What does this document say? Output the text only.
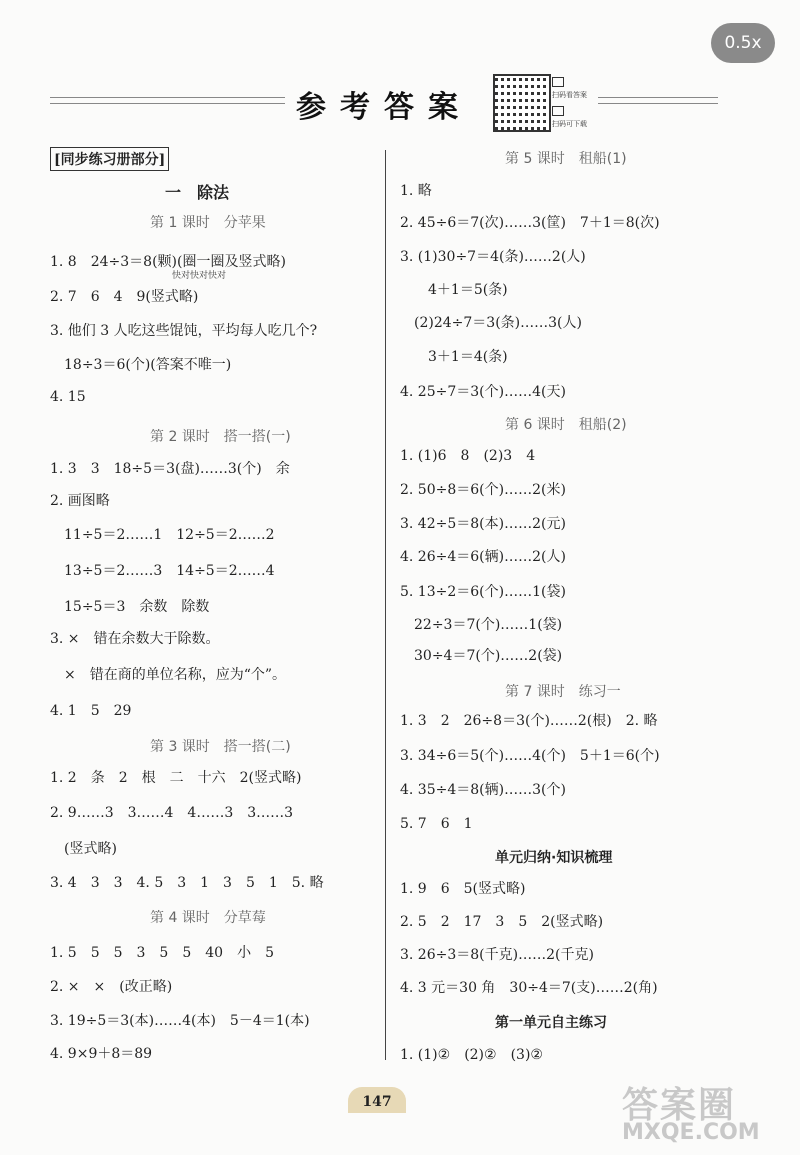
0.5x
参考答案	扫码看答案
扫码可下载
[同步练习册部分]
一　除法
第 1 课时　分苹果
1. 8　24÷3＝8(颗)(圈一圈及竖式略)
2. 7　6　4　9(竖式略)
3. 他们 3 人吃这些馄饨，平均每人吃几个?
　18÷3＝6(个)(答案不唯一)
4. 15
第 2 课时　搭一搭(一)
1. 3　3　18÷5＝3(盘)……3(个)　余
2. 画图略
　11÷5＝2……1　12÷5＝2……2
　13÷5＝2……3　14÷5＝2……4
　15÷5＝3　余数　除数
3. ×　错在余数大于除数。
　×　错在商的单位名称，应为“个”。
4. 1　5　29
第 3 课时　搭一搭(二)
1. 2　条　2　根　二　十六　2(竖式略)
2. 9……3　3……4　4……3　3……3
　(竖式略)
3. 4　3　3　4. 5　3　1　3　5　1　5. 略
第 4 课时　分草莓
1. 5　5　5　3　5　5　40　小　5
2. ×　×　(改正略)
3. 19÷5＝3(本)……4(本)　5－4＝1(本)
4. 9×9＋8＝89
第 5 课时　租船(1)
1. 略
2. 45÷6＝7(次)……3(筐)　7＋1＝8(次)
3. (1)30÷7＝4(条)……2(人)
　　4＋1＝5(条)
　(2)24÷7＝3(条)……3(人)
　　3＋1＝4(条)
4. 25÷7＝3(个)……4(天)
第 6 课时　租船(2)
1. (1)6　8　(2)3　4
2. 50÷8＝6(个)……2(米)
3. 42÷5＝8(本)……2(元)
4. 26÷4＝6(辆)……2(人)
5. 13÷2＝6(个)……1(袋)
　22÷3＝7(个)……1(袋)
　30÷4＝7(个)……2(袋)
第 7 课时　练习一
1. 3　2　26÷8＝3(个)……2(根)　2. 略
3. 34÷6＝5(个)……4(个)　5＋1＝6(个)
4. 35÷4＝8(辆)……3(个)
5. 7　6　1
单元归纳·知识梳理
1. 9　6　5(竖式略)
2. 5　2　17　3　5　2(竖式略)
3. 26÷3＝8(千克)……2(千克)
4. 3 元＝30 角　30÷4＝7(支)……2(角)
第一单元自主练习
1. (1)②　(2)②　(3)②
147	答案圈
MXQE.COM
快对快对快对
